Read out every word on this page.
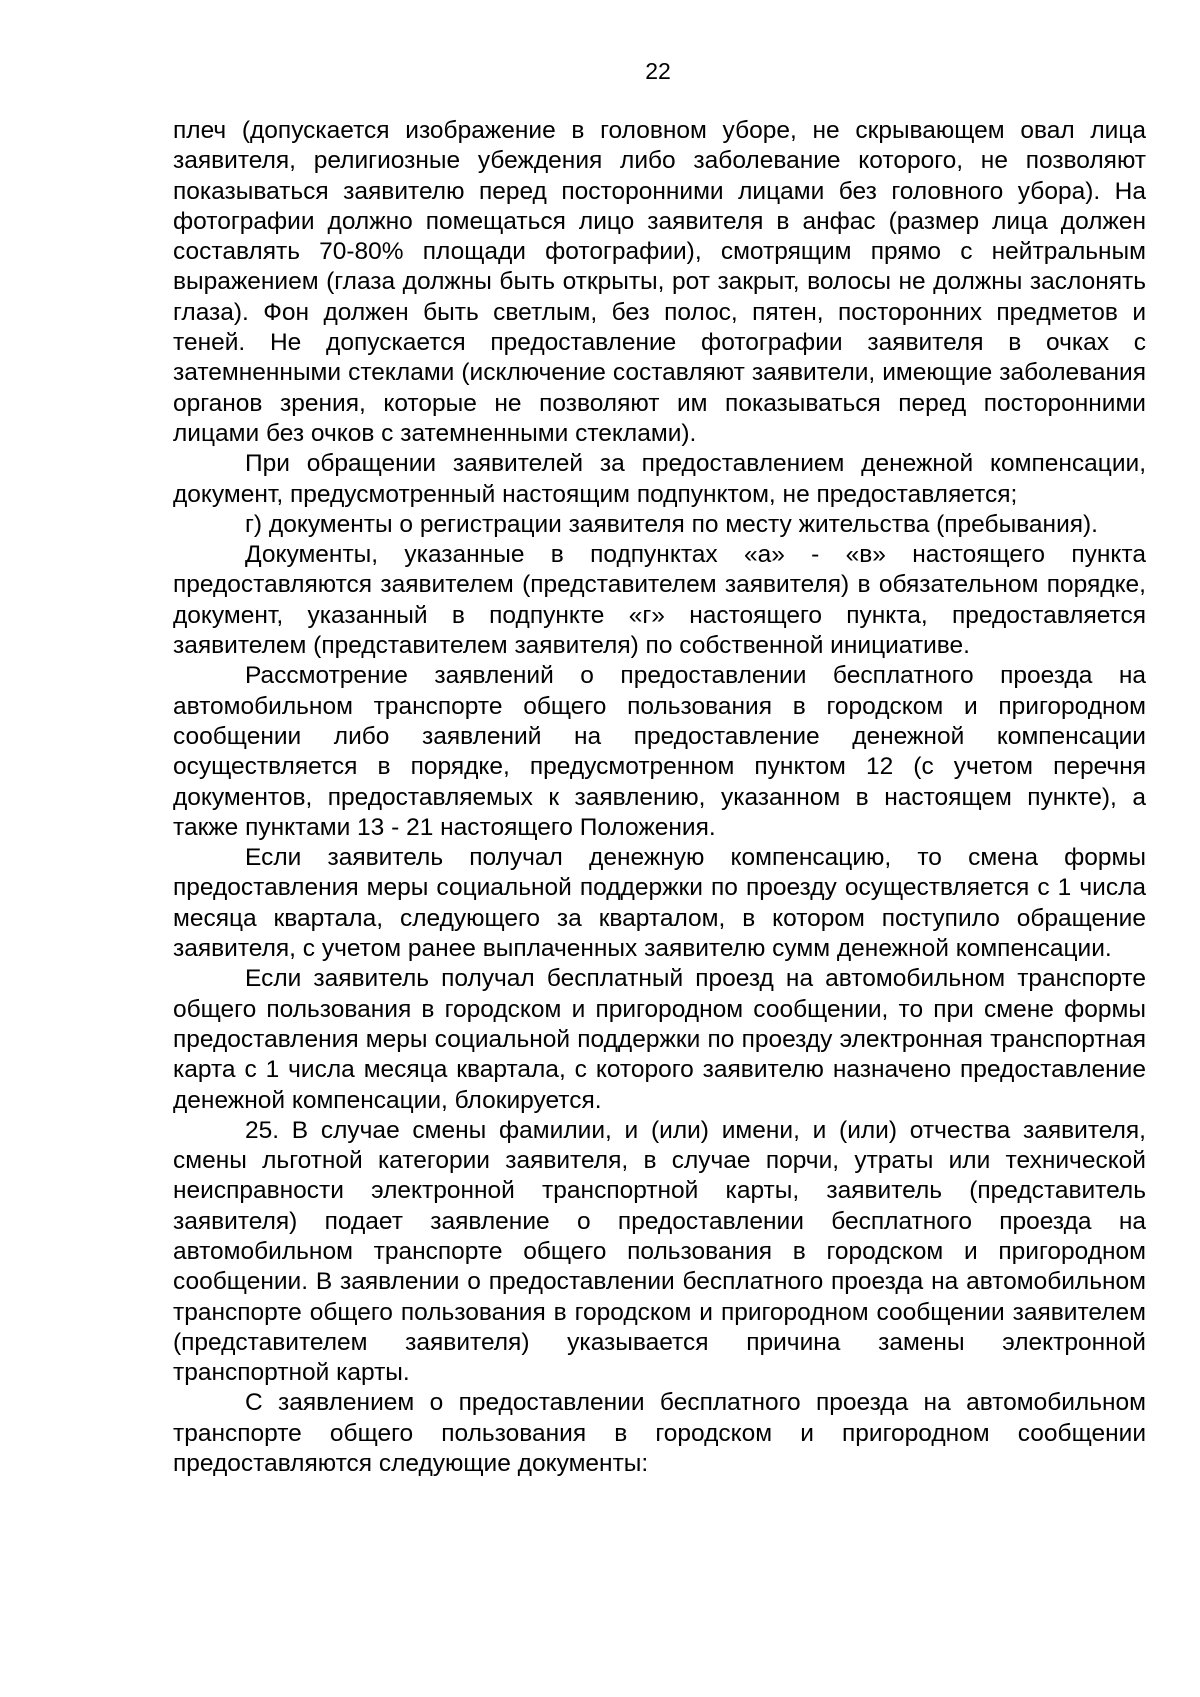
22

плеч (допускается изображение в головном уборе, не скрывающем овал лица заявителя, религиозные убеждения либо заболевание которого, не позволяют показываться заявителю перед посторонними лицами без головного убора). На фотографии должно помещаться лицо заявителя в анфас (размер лица должен составлять 70-80% площади фотографии), смотрящим прямо с нейтральным выражением (глаза должны быть открыты, рот закрыт, волосы не должны заслонять глаза). Фон должен быть светлым, без полос, пятен, посторонних предметов и теней. Не допускается предоставление фотографии заявителя в очках с затемненными стеклами (исключение составляют заявители, имеющие заболевания органов зрения, которые не позволяют им показываться перед посторонними лицами без очков с затемненными стеклами).

При обращении заявителей за предоставлением денежной компенсации, документ, предусмотренный настоящим подпунктом, не предоставляется;

г) документы о регистрации заявителя по месту жительства (пребывания).

Документы, указанные в подпунктах «а» - «в» настоящего пункта предоставляются заявителем (представителем заявителя) в обязательном порядке, документ, указанный в подпункте «г» настоящего пункта, предоставляется заявителем (представителем заявителя) по собственной инициативе.

Рассмотрение заявлений о предоставлении бесплатного проезда на автомобильном транспорте общего пользования в городском и пригородном сообщении либо заявлений на предоставление денежной компенсации осуществляется в порядке, предусмотренном пунктом 12 (с учетом перечня документов, предоставляемых к заявлению, указанном в настоящем пункте), а также пунктами 13 - 21 настоящего Положения.

Если заявитель получал денежную компенсацию, то смена формы предоставления меры социальной поддержки по проезду осуществляется с 1 числа месяца квартала, следующего за кварталом, в котором поступило обращение заявителя, с учетом ранее выплаченных заявителю сумм денежной компенсации.

Если заявитель получал бесплатный проезд на автомобильном транспорте общего пользования в городском и пригородном сообщении, то при смене формы предоставления меры социальной поддержки по проезду электронная транспортная карта с 1 числа месяца квартала, с которого заявителю назначено предоставление денежной компенсации, блокируется.

25. В случае смены фамилии, и (или) имени, и (или) отчества заявителя, смены льготной категории заявителя, в случае порчи, утраты или технической неисправности электронной транспортной карты, заявитель (представитель заявителя) подает заявление о предоставлении бесплатного проезда на автомобильном транспорте общего пользования в городском и пригородном сообщении. В заявлении о предоставлении бесплатного проезда на автомобильном транспорте общего пользования в городском и пригородном сообщении заявителем (представителем заявителя) указывается причина замены электронной транспортной карты.

С заявлением о предоставлении бесплатного проезда на автомобильном транспорте общего пользования в городском и пригородном сообщении предоставляются следующие документы:
